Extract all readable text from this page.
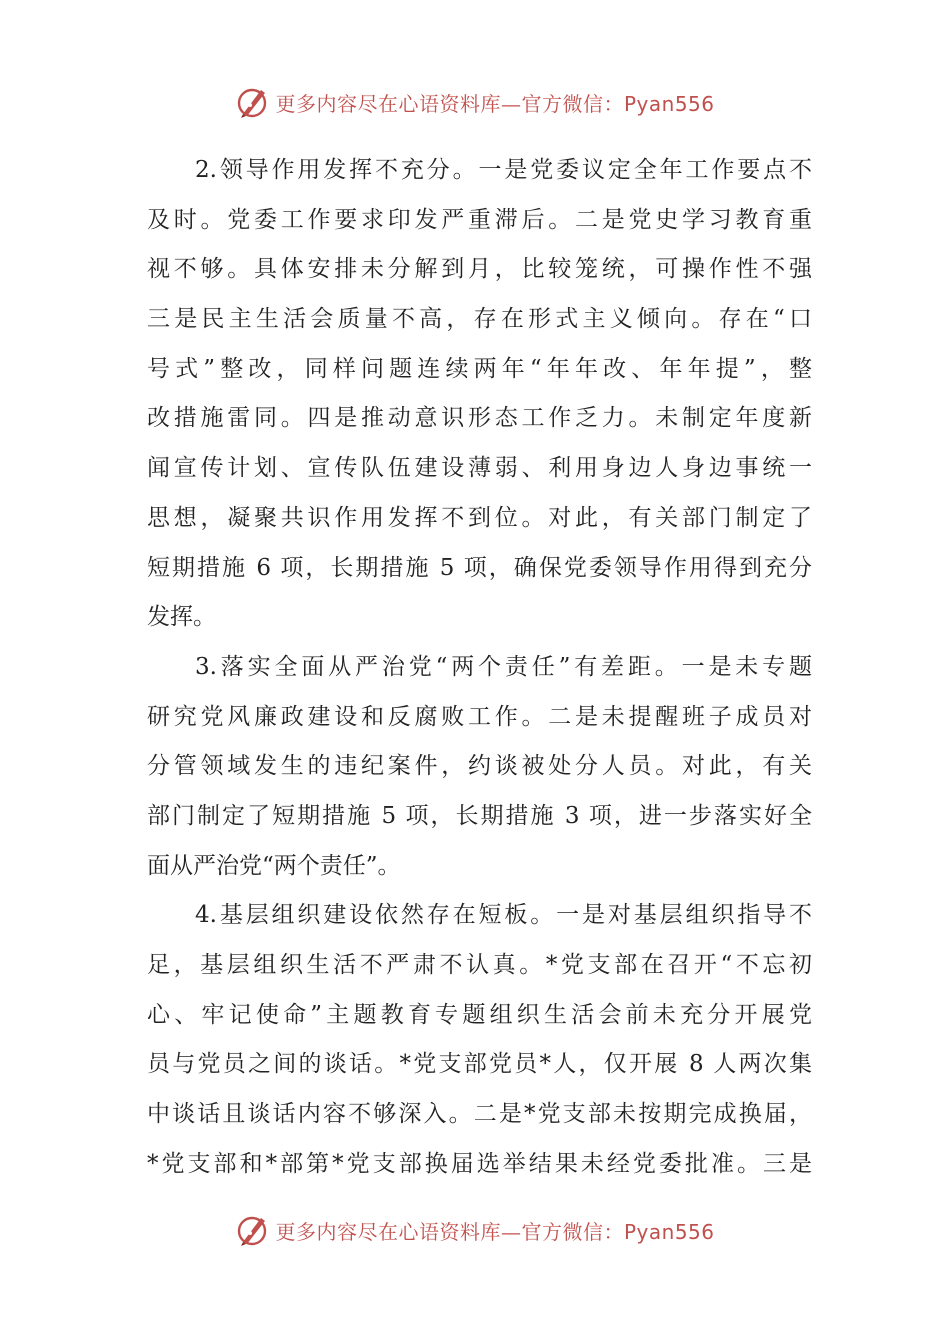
更多内容尽在心语资料库—官方微信：Pyan556
2.领导作用发挥不充分。一是党委议定全年工作要点不
及时。党委工作要求印发严重滞后。二是党史学习教育重
视不够。具体安排未分解到月，比较笼统，可操作性不强
三是民主生活会质量不高，存在形式主义倾向。存在“口
号式”整改，同样问题连续两年“年年改、年年提”，整
改措施雷同。四是推动意识形态工作乏力。未制定年度新
闻宣传计划、宣传队伍建设薄弱、利用身边人身边事统一
思想，凝聚共识作用发挥不到位。对此，有关部门制定了
短期措施 6 项，长期措施 5 项，确保党委领导作用得到充分
发挥。
3.落实全面从严治党“两个责任”有差距。一是未专题
研究党风廉政建设和反腐败工作。二是未提醒班子成员对
分管领域发生的违纪案件，约谈被处分人员。对此，有关
部门制定了短期措施 5 项，长期措施 3 项，进一步落实好全
面从严治党“两个责任”。
4.基层组织建设依然存在短板。一是对基层组织指导不
足，基层组织生活不严肃不认真。*党支部在召开“不忘初
心、牢记使命”主题教育专题组织生活会前未充分开展党
员与党员之间的谈话。*党支部党员*人，仅开展 8 人两次集
中谈话且谈话内容不够深入。二是*党支部未按期完成换届，
*党支部和*部第*党支部换届选举结果未经党委批准。三是
更多内容尽在心语资料库—官方微信：Pyan556
